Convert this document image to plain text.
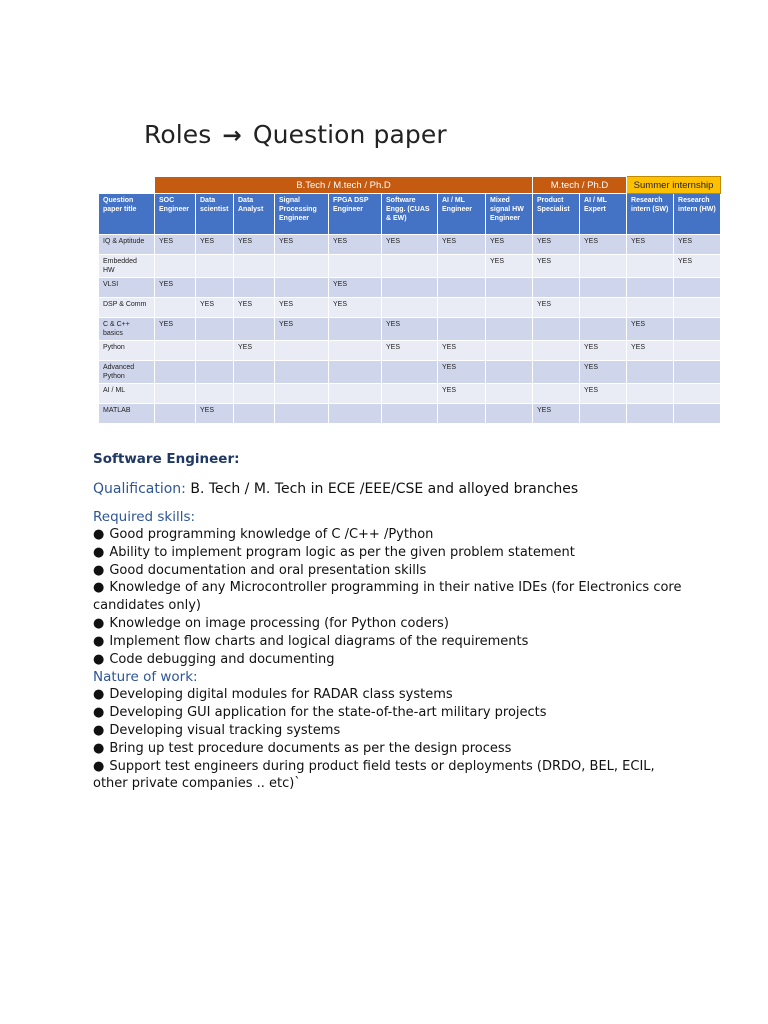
Roles → Question paper
	B.Tech / M.tech / Ph.D								M.tech / Ph.D		Summer internship	
Question paper title	SOC Engineer	Data scientist	Data Analyst	Signal Processing Engineer	FPGA DSP Engineer	Software Engg. (CUAS & EW)	AI / ML Engineer	Mixed signal HW Engineer	Product Specialist	AI / ML Expert	Research intern (SW)	Research intern (HW)
IQ & Aptitude	YES	YES	YES	YES	YES	YES	YES	YES	YES	YES	YES	YES
Embedded HW								YES	YES			YES
VLSI	YES				YES							
DSP & Comm		YES	YES	YES	YES				YES			
C & C++ basics	YES			YES		YES					YES	
Python			YES			YES	YES			YES	YES	
Advanced Python							YES			YES		
AI / ML							YES			YES		
MATLAB		YES							YES			
Software Engineer:
Qualification: B. Tech / M. Tech in ECE /EEE/CSE and alloyed branches
Required skills:
● Good programming knowledge of C /C++ /Python
● Ability to implement program logic as per the given problem statement
● Good documentation and oral presentation skills
● Knowledge of any Microcontroller programming in their native IDEs (for Electronics core candidates only)
● Knowledge on image processing (for Python coders)
● Implement flow charts and logical diagrams of the requirements
● Code debugging and documenting
Nature of work:
● Developing digital modules for RADAR class systems
● Developing GUI application for the state-of-the-art military projects
● Developing visual tracking systems
● Bring up test procedure documents as per the design process
● Support test engineers during product field tests or deployments (DRDO, BEL, ECIL, other private companies .. etc)`
